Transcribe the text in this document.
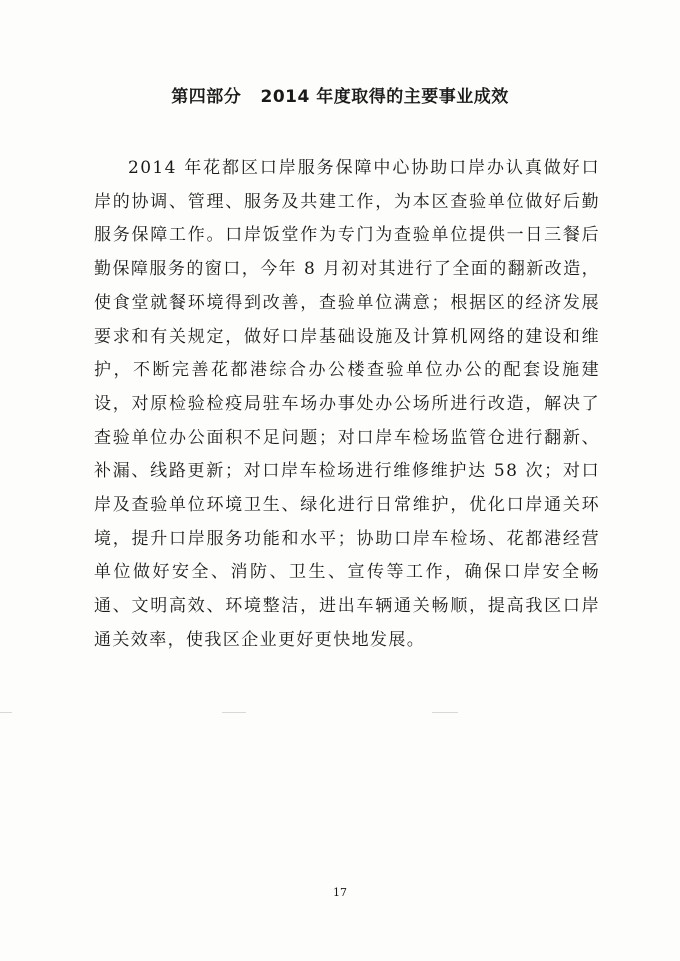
第四部分   2014 年度取得的主要事业成效
2014 年花都区口岸服务保障中心协助口岸办认真做好口岸的协调、管理、服务及共建工作，为本区查验单位做好后勤服务保障工作。口岸饭堂作为专门为查验单位提供一日三餐后勤保障服务的窗口，今年 8 月初对其进行了全面的翻新改造，使食堂就餐环境得到改善，查验单位满意；根据区的经济发展要求和有关规定，做好口岸基础设施及计算机网络的建设和维护，不断完善花都港综合办公楼查验单位办公的配套设施建设，对原检验检疫局驻车场办事处办公场所进行改造，解决了查验单位办公面积不足问题；对口岸车检场监管仓进行翻新、补漏、线路更新；对口岸车检场进行维修维护达 58 次；对口岸及查验单位环境卫生、绿化进行日常维护，优化口岸通关环境，提升口岸服务功能和水平；协助口岸车检场、花都港经营单位做好安全、消防、卫生、宣传等工作，确保口岸安全畅通、文明高效、环境整洁，进出车辆通关畅顺，提高我区口岸通关效率，使我区企业更好更快地发展。
17
